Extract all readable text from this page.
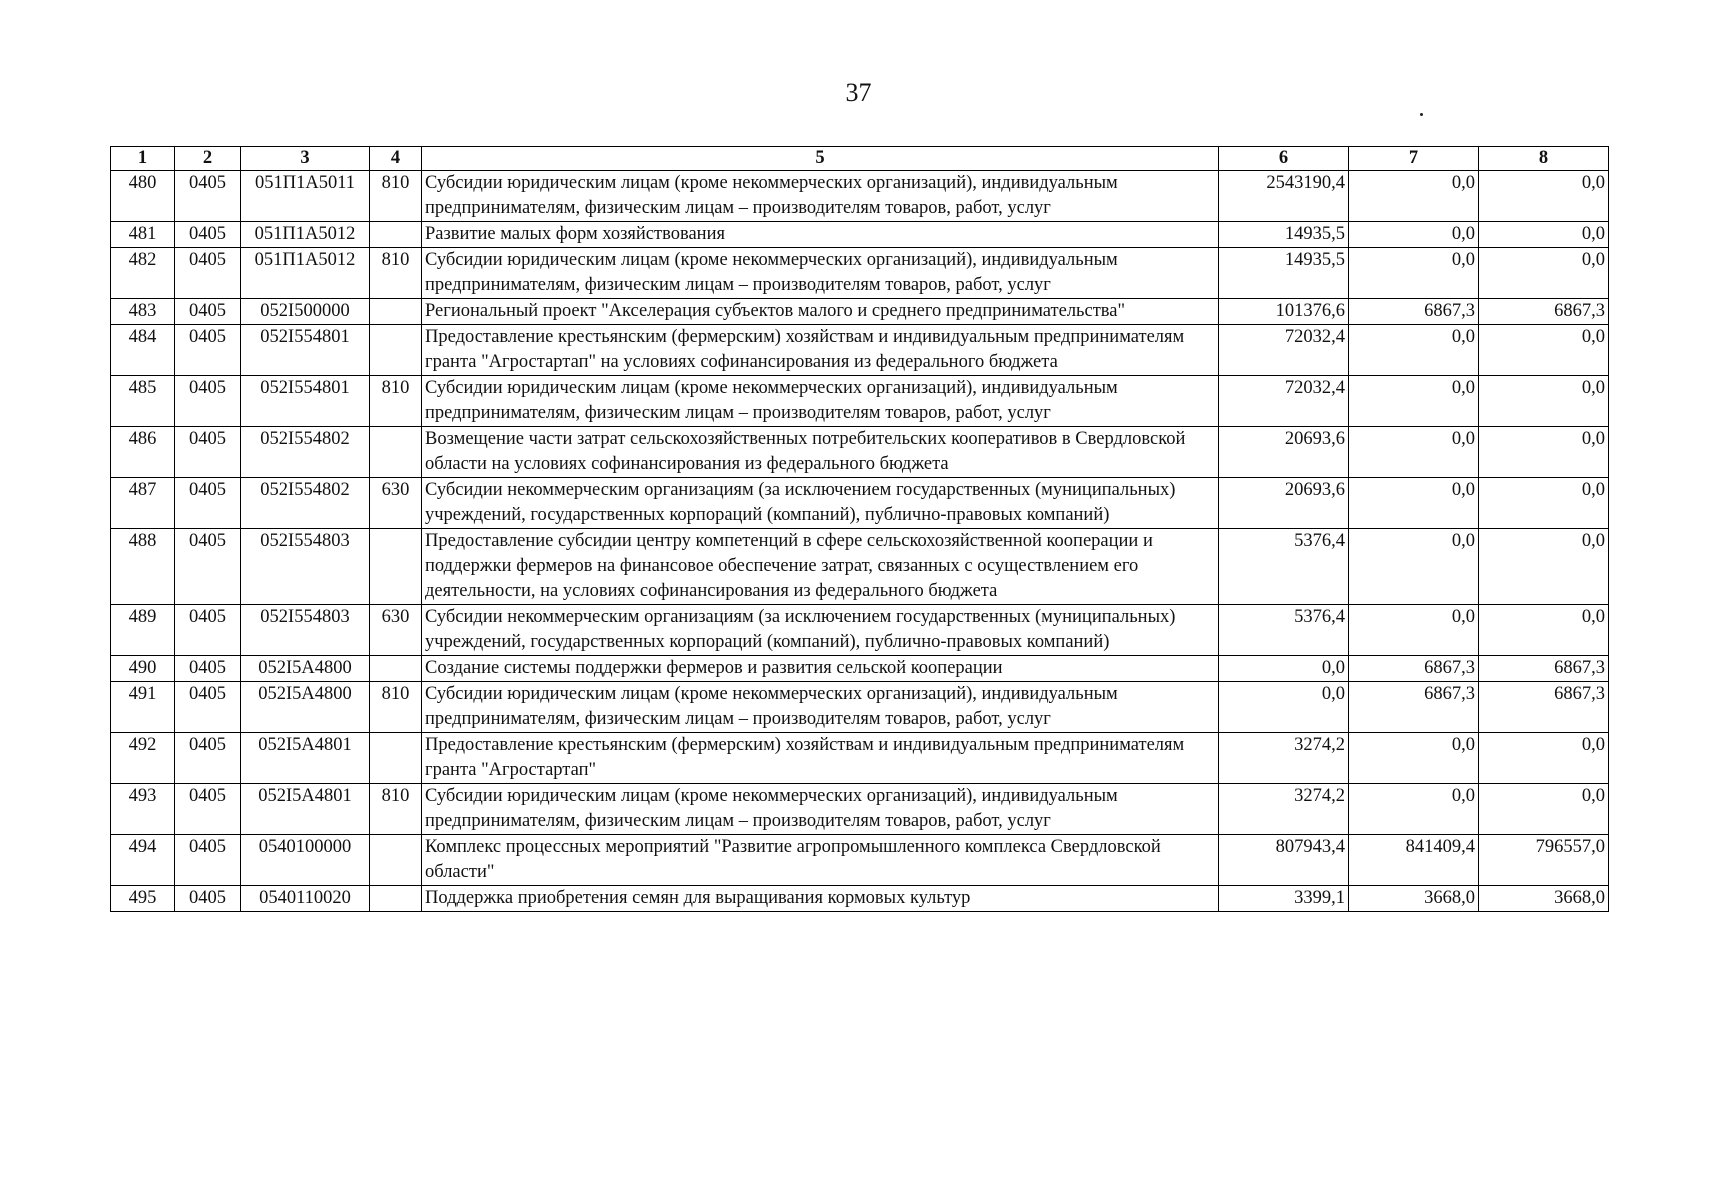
37
1	2	3	4	5	6	7	8
480	0405	051П1А5011	810	Субсидии юридическим лицам (кроме некоммерческих организаций), индивидуальным предпринимателям, физическим лицам – производителям товаров, работ, услуг	2543190,4	0,0	0,0
481	0405	051П1А5012		Развитие малых форм хозяйствования	14935,5	0,0	0,0
482	0405	051П1А5012	810	Субсидии юридическим лицам (кроме некоммерческих организаций), индивидуальным предпринимателям, физическим лицам – производителям товаров, работ, услуг	14935,5	0,0	0,0
483	0405	052I500000		Региональный проект "Акселерация субъектов малого и среднего предпринимательства"	101376,6	6867,3	6867,3
484	0405	052I554801		Предоставление крестьянским (фермерским) хозяйствам и индивидуальным предпринимателям гранта "Агростартап" на условиях софинансирования из федерального бюджета	72032,4	0,0	0,0
485	0405	052I554801	810	Субсидии юридическим лицам (кроме некоммерческих организаций), индивидуальным предпринимателям, физическим лицам – производителям товаров, работ, услуг	72032,4	0,0	0,0
486	0405	052I554802		Возмещение части затрат сельскохозяйственных потребительских кооперативов в Свердловской области на условиях софинансирования из федерального бюджета	20693,6	0,0	0,0
487	0405	052I554802	630	Субсидии некоммерческим организациям (за исключением государственных (муниципальных) учреждений, государственных корпораций (компаний), публично-правовых компаний)	20693,6	0,0	0,0
488	0405	052I554803		Предоставление субсидии центру компетенций в сфере сельскохозяйственной кооперации и поддержки фермеров на финансовое обеспечение затрат, связанных с осуществлением его деятельности, на условиях софинансирования из федерального бюджета	5376,4	0,0	0,0
489	0405	052I554803	630	Субсидии некоммерческим организациям (за исключением государственных (муниципальных) учреждений, государственных корпораций (компаний), публично-правовых компаний)	5376,4	0,0	0,0
490	0405	052I5A4800		Создание системы поддержки фермеров и развития сельской кооперации	0,0	6867,3	6867,3
491	0405	052I5A4800	810	Субсидии юридическим лицам (кроме некоммерческих организаций), индивидуальным предпринимателям, физическим лицам – производителям товаров, работ, услуг	0,0	6867,3	6867,3
492	0405	052I5A4801		Предоставление крестьянским (фермерским) хозяйствам и индивидуальным предпринимателям гранта "Агростартап"	3274,2	0,0	0,0
493	0405	052I5A4801	810	Субсидии юридическим лицам (кроме некоммерческих организаций), индивидуальным предпринимателям, физическим лицам – производителям товаров, работ, услуг	3274,2	0,0	0,0
494	0405	0540100000		Комплекс процессных мероприятий "Развитие агропромышленного комплекса Свердловской области"	807943,4	841409,4	796557,0
495	0405	0540110020		Поддержка приобретения семян для выращивания кормовых культур	3399,1	3668,0	3668,0
